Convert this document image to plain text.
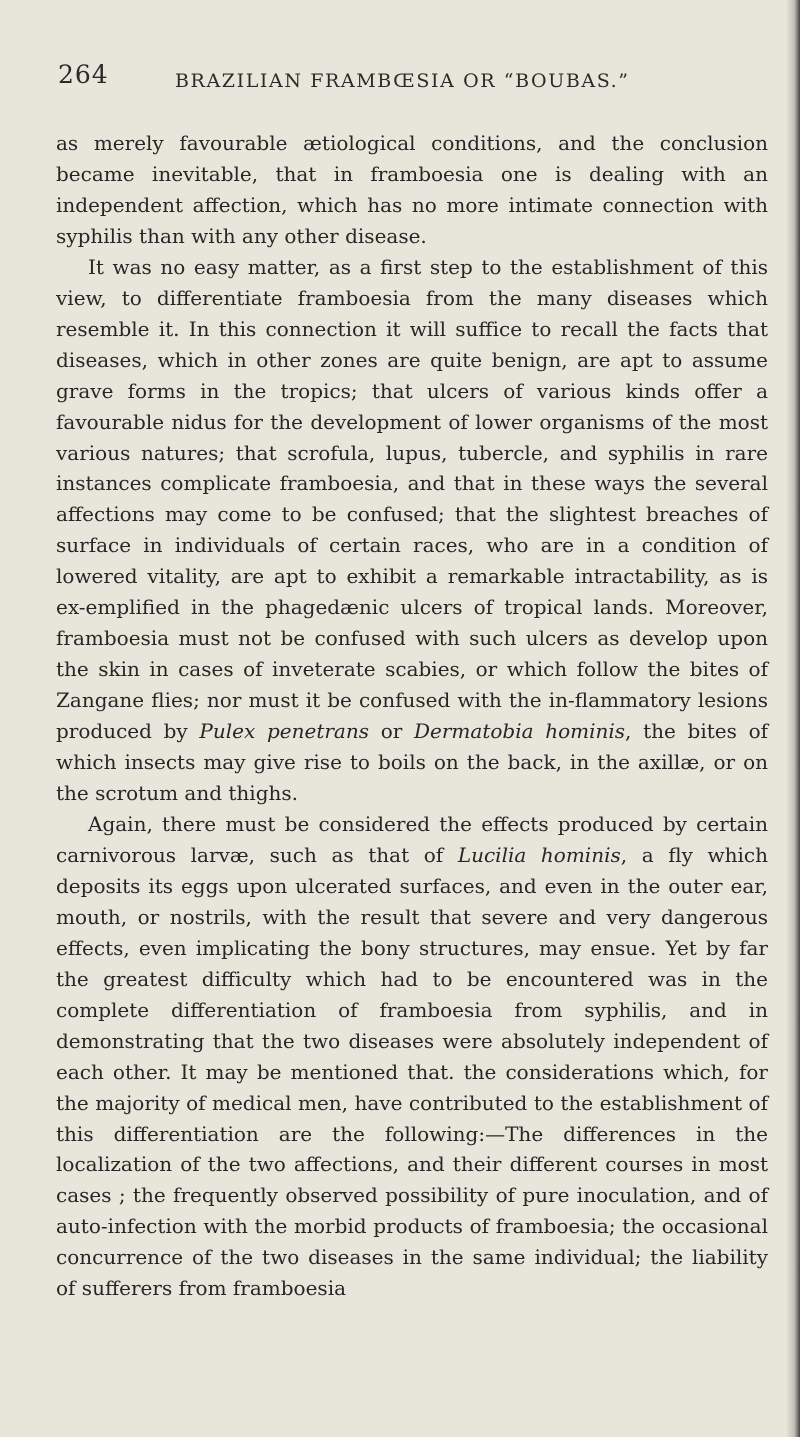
264	BRAZILIAN FRAMBŒSIA OR “BOUBAS.”

as merely favourable ætiological conditions, and the conclusion became inevitable, that in framboesia one is dealing with an independent affection, which has no more intimate connection with syphilis than with any other disease.

It was no easy matter, as a first step to the establishment of this view, to differentiate framboesia from the many diseases which resemble it. In this connection it will suffice to recall the facts that diseases, which in other zones are quite benign, are apt to assume grave forms in the tropics; that ulcers of various kinds offer a favourable nidus for the development of lower organisms of the most various natures; that scrofula, lupus, tubercle, and syphilis in rare instances complicate framboesia, and that in these ways the several affections may come to be confused; that the slightest breaches of surface in individuals of certain races, who are in a condition of lowered vitality, are apt to exhibit a remarkable intractability, as is ex-emplified in the phagedænic ulcers of tropical lands. Moreover, framboesia must not be confused with such ulcers as develop upon the skin in cases of inveterate scabies, or which follow the bites of Zangane flies; nor must it be confused with the in-flammatory lesions produced by Pulex penetrans or Dermatobia hominis, the bites of which insects may give rise to boils on the back, in the axillæ, or on the scrotum and thighs.

Again, there must be considered the effects produced by certain carnivorous larvæ, such as that of Lucilia hominis, a fly which deposits its eggs upon ulcerated surfaces, and even in the outer ear, mouth, or nostrils, with the result that severe and very dangerous effects, even implicating the bony structures, may ensue. Yet by far the greatest difficulty which had to be encountered was in the complete differentiation of framboesia from syphilis, and in demonstrating that the two diseases were absolutely independent of each other. It may be mentioned that. the considerations which, for the majority of medical men, have contributed to the establishment of this differentiation are the following:—The differences in the localization of the two affections, and their different courses in most cases ; the frequently observed possibility of pure inoculation, and of auto-infection with the morbid products of framboesia; the occasional concurrence of the two diseases in the same individual; the liability of sufferers from framboesia
